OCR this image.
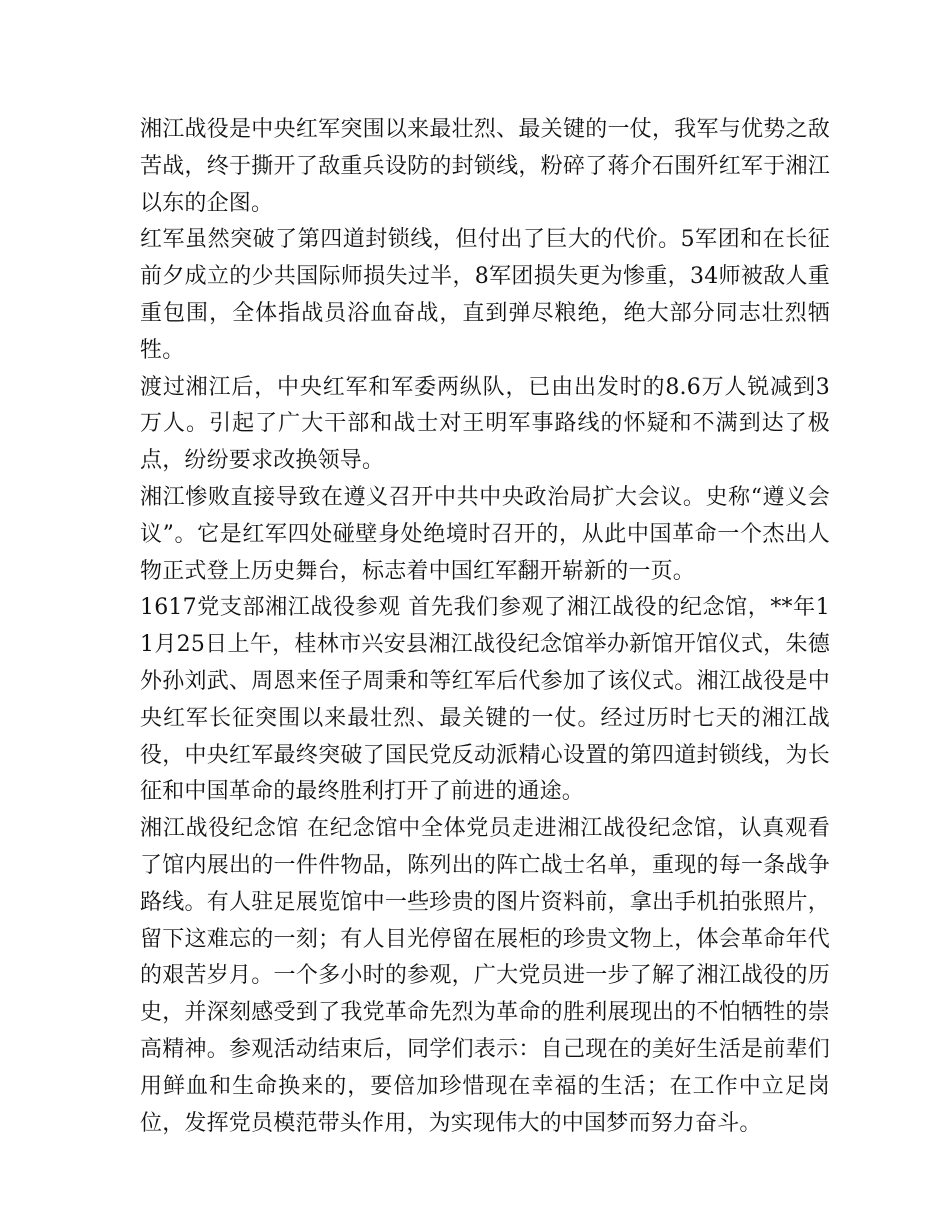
湘江战役是中央红军突围以来最壮烈、最关键的一仗，我军与优势之敌苦战，终于撕开了敌重兵设防的封锁线，粉碎了蒋介石围歼红军于湘江以东的企图。

红军虽然突破了第四道封锁线，但付出了巨大的代价。5军团和在长征前夕成立的少共国际师损失过半，8军团损失更为惨重，34师被敌人重重包围，全体指战员浴血奋战，直到弹尽粮绝，绝大部分同志壮烈牺牲。

渡过湘江后，中央红军和军委两纵队，已由出发时的8.6万人锐减到3万人。引起了广大干部和战士对王明军事路线的怀疑和不满到达了极点，纷纷要求改换领导。

湘江惨败直接导致在遵义召开中共中央政治局扩大会议。史称“遵义会议”。它是红军四处碰壁身处绝境时召开的，从此中国革命一个杰出人物正式登上历史舞台，标志着中国红军翻开崭新的一页。

1617党支部湘江战役参观 首先我们参观了湘江战役的纪念馆，**年11月25日上午，桂林市兴安县湘江战役纪念馆举办新馆开馆仪式，朱德外孙刘武、周恩来侄子周秉和等红军后代参加了该仪式。湘江战役是中央红军长征突围以来最壮烈、最关键的一仗。经过历时七天的湘江战役，中央红军最终突破了国民党反动派精心设置的第四道封锁线，为长征和中国革命的最终胜利打开了前进的通途。

湘江战役纪念馆 在纪念馆中全体党员走进湘江战役纪念馆，认真观看了馆内展出的一件件物品，陈列出的阵亡战士名单，重现的每一条战争路线。有人驻足展览馆中一些珍贵的图片资料前，拿出手机拍张照片，留下这难忘的一刻；有人目光停留在展柜的珍贵文物上，体会革命年代的艰苦岁月。一个多小时的参观，广大党员进一步了解了湘江战役的历史，并深刻感受到了我党革命先烈为革命的胜利展现出的不怕牺牲的崇高精神。参观活动结束后，同学们表示：自己现在的美好生活是前辈们用鲜血和生命换来的，要倍加珍惜现在幸福的生活；在工作中立足岗位，发挥党员模范带头作用，为实现伟大的中国梦而努力奋斗。
